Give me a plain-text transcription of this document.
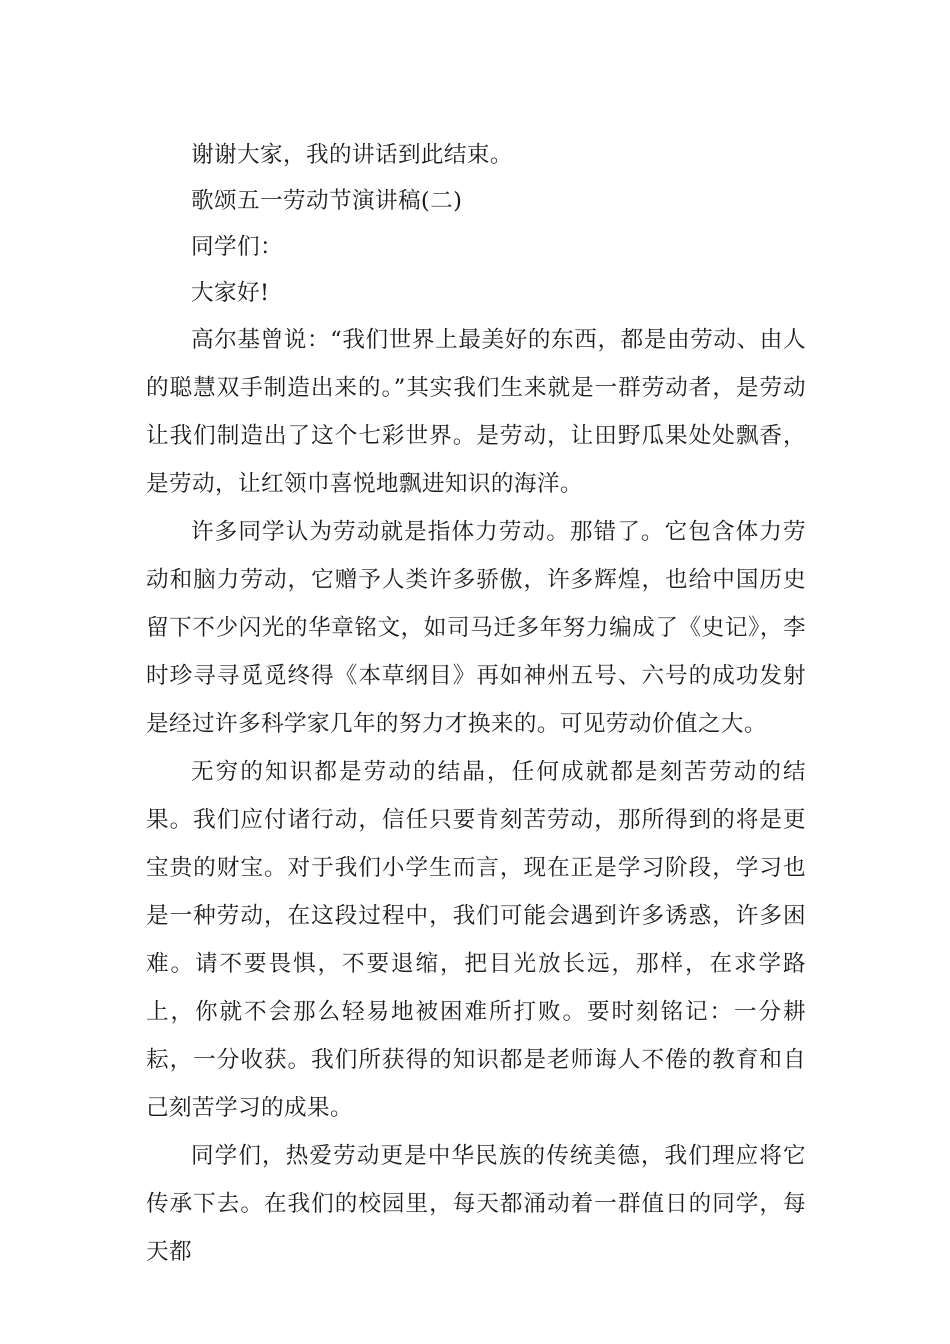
谢谢大家，我的讲话到此结束。

歌颂五一劳动节演讲稿(二)

同学们：

大家好!

高尔基曾说：“我们世界上最美好的东西，都是由劳动、由人的聪慧双手制造出来的。”其实我们生来就是一群劳动者，是劳动让我们制造出了这个七彩世界。是劳动，让田野瓜果处处飘香，是劳动，让红领巾喜悦地飘进知识的海洋。

许多同学认为劳动就是指体力劳动。那错了。它包含体力劳动和脑力劳动，它赠予人类许多骄傲，许多辉煌，也给中国历史留下不少闪光的华章铭文，如司马迁多年努力编成了《史记》，李时珍寻寻觅觅终得《本草纲目》再如神州五号、六号的成功发射是经过许多科学家几年的努力才换来的。可见劳动价值之大。

无穷的知识都是劳动的结晶，任何成就都是刻苦劳动的结果。我们应付诸行动，信任只要肯刻苦劳动，那所得到的将是更宝贵的财宝。对于我们小学生而言，现在正是学习阶段，学习也是一种劳动，在这段过程中，我们可能会遇到许多诱惑，许多困难。请不要畏惧，不要退缩，把目光放长远，那样，在求学路上，你就不会那么轻易地被困难所打败。要时刻铭记：一分耕耘，一分收获。我们所获得的知识都是老师诲人不倦的教育和自己刻苦学习的成果。

同学们，热爱劳动更是中华民族的传统美德，我们理应将它传承下去。在我们的校园里，每天都涌动着一群值日的同学，每天都
